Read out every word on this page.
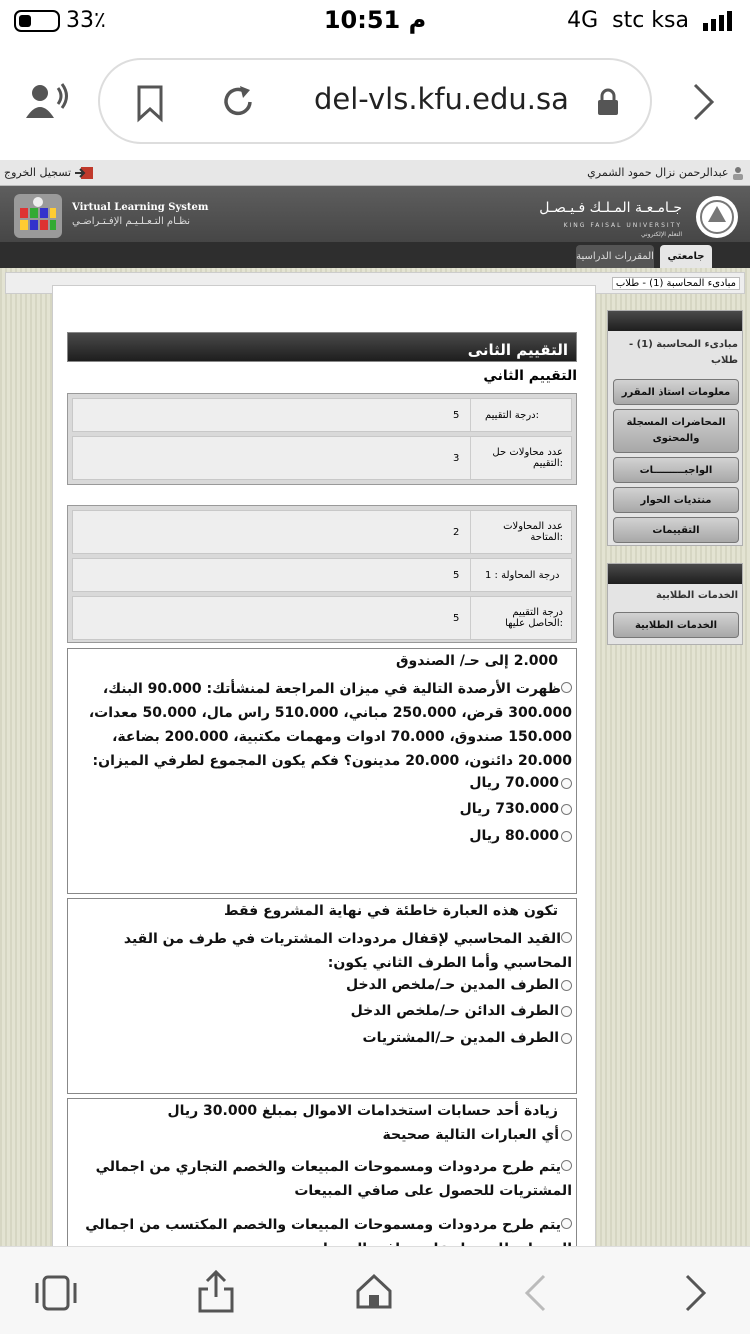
33٪	10:51 م	4G stc ksa
del-vls.kfu.edu.sa
تسجيل الخروج	عبدالرحمن نزال حمود الشمري
Virtual Learning System
نظـام التـعـلـيـم الإفـتـراضـي
جـامـعـة المـلـك فـيـصـل
KING FAISAL UNIVERSITY
التعلم الإلكتروني
المقررات الدراسية	جامعتي
مبادىء المحاسبة (1) - طلاب
التقييم الثانى
التقييم الثاني
درجة التقييم:
5
عدد محاولات حل التقييم:
3
عدد المحاولات المتاحة:
2
درجة المحاولة : 1
5
درجة التقييم الحاصل عليها:
5
2.000 إلى حـ/ الصندوق
ظهرت الأرصدة التالية في ميزان المراجعة لمنشأتك: 90.000 البنك، 300.000 قرض، 250.000 مباني، 510.000 راس مال، 50.000 معدات، 150.000 صندوق، 70.000 ادوات ومهمات مكتبية، 200.000 بضاعة، 20.000 دائنون، 20.000 مدينون؟ فكم يكون المجموع لطرفي الميزان:
70.000 ريال
730.000 ريال
80.000 ريال
تكون هذه العبارة خاطئة في نهاية المشروع فقط
القيد المحاسبي لإقفال مردودات المشتريات في طرف من القيد المحاسبي وأما الطرف الثاني يكون:
الطرف المدين حـ/ملخص الدخل
الطرف الدائن حـ/ملخص الدخل
الطرف المدين حـ/المشتريات
زيادة أحد حسابات استخدامات الاموال بمبلغ 30.000 ريال
أي العبارات التالية صحيحة
يتم طرح مردودات ومسموحات المبيعات والخصم التجاري من اجمالي المشتريات للحصول على صافي المبيعات
يتم طرح مردودات ومسموحات المبيعات والخصم المكتسب من اجمالي
مبادىء المحاسبة (1) - طلاب
معلومات استاذ المقرر
المحاضرات المسجلة والمحتوى
الواجبـــــــــات
منتديات الحوار
التقييمات
الخدمات الطلابية
الخدمات الطلابية
